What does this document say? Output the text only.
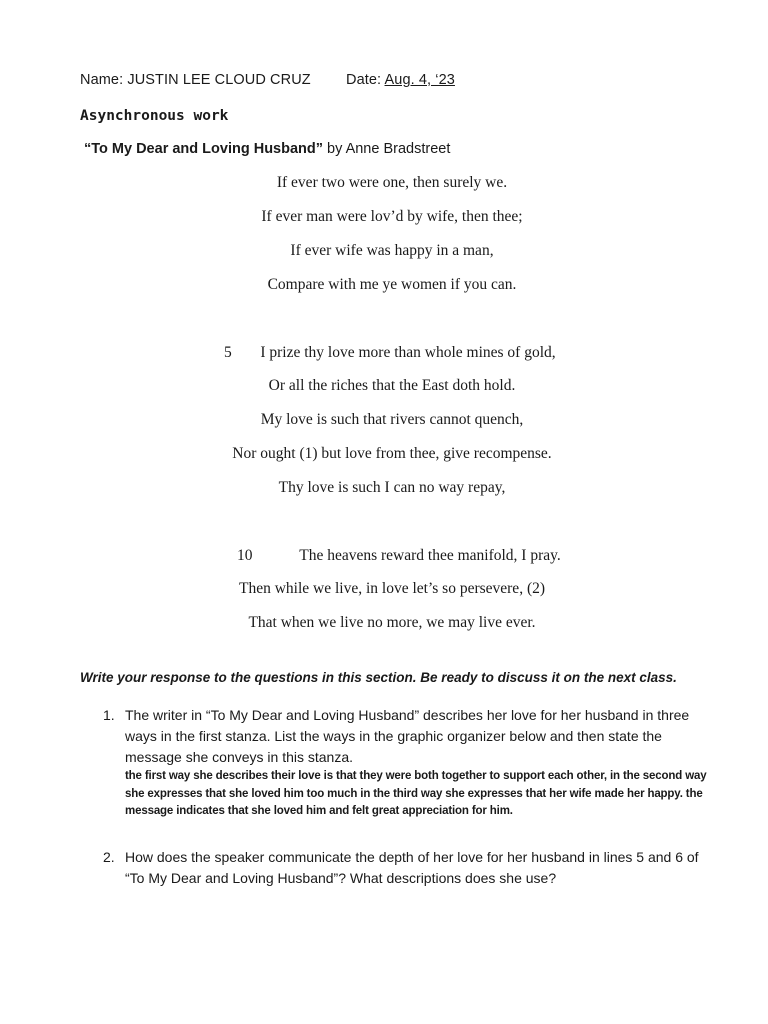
Name: JUSTIN LEE CLOUD CRUZ Date: Aug. 4, ‘23
Asynchronous work
“To My Dear and Loving Husband” by Anne Bradstreet
If ever two were one, then surely we.
If ever man were lov’d by wife, then thee;
If ever wife was happy in a man,
Compare with me ye women if you can.
5	I prize thy love more than whole mines of gold,
Or all the riches that the East doth hold.
My love is such that rivers cannot quench,
Nor ought (1) but love from thee, give recompense.
Thy love is such I can no way repay,
10	The heavens reward thee manifold, I pray.
Then while we live, in love let’s so persevere, (2)
That when we live no more, we may live ever.
Write your response to the questions in this section. Be ready to discuss it on the next class.
1. The writer in “To My Dear and Loving Husband” describes her love for her husband in three ways in the first stanza. List the ways in the graphic organizer below and then state the message she conveys in this stanza.
the first way she describes their love is that they were both together to support each other, in the second way she expresses that she loved him too much in the third way she expresses that her wife made her happy. the message indicates that she loved him and felt great appreciation for him.
2. How does the speaker communicate the depth of her love for her husband in lines 5 and 6 of “To My Dear and Loving Husband”? What descriptions does she use?
